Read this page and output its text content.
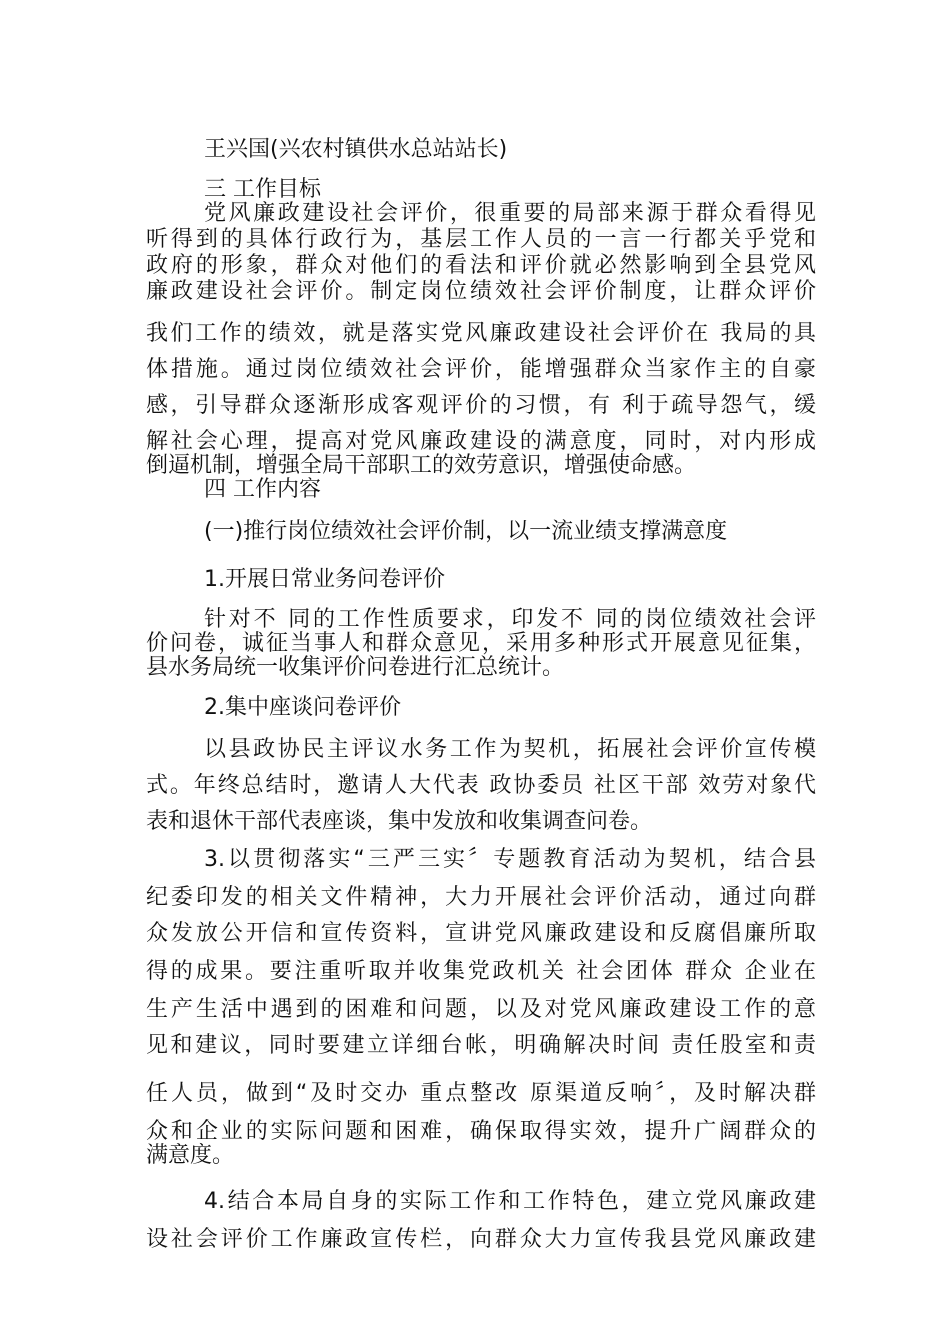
王兴国(兴农村镇供水总站站长)
三 工作目标
党风廉政建设社会评价，很重要的局部来源于群众看得见
听得到的具体行政行为，基层工作人员的一言一行都关乎党和
政府的形象，群众对他们的看法和评价就必然影响到全县党风
廉政建设社会评价。制定岗位绩效社会评价制度，让群众评价
我们工作的绩效，就是落实党风廉政建设社会评价在 我局的具
体措施。通过岗位绩效社会评价，能增强群众当家作主的自豪
感，引导群众逐渐形成客观评价的习惯，有 利于疏导怨气，缓
解社会心理，提高对党风廉政建设的满意度，同时，对内形成
倒逼机制，增强全局干部职工的效劳意识，增强使命感。
四 工作内容
(一)推行岗位绩效社会评价制，以一流业绩支撑满意度
1.开展日常业务问卷评价
针对不 同的工作性质要求，印发不 同的岗位绩效社会评
价问卷，诚征当事人和群众意见，采用多种形式开展意见征集，
县水务局统一收集评价问卷进行汇总统计。
2.集中座谈问卷评价
以县政协民主评议水务工作为契机，拓展社会评价宣传模
式。年终总结时，邀请人大代表 政协委员 社区干部 效劳对象代
表和退休干部代表座谈，集中发放和收集调查问卷。
3.以贯彻落实“三严三实〞专题教育活动为契机，结合县
纪委印发的相关文件精神，大力开展社会评价活动，通过向群
众发放公开信和宣传资料，宣讲党风廉政建设和反腐倡廉所取
得的成果。要注重听取并收集党政机关 社会团体 群众 企业在
生产生活中遇到的困难和问题，以及对党风廉政建设工作的意
见和建议，同时要建立详细台帐，明确解决时间 责任股室和责
任人员，做到“及时交办 重点整改 原渠道反响〞，及时解决群
众和企业的实际问题和困难，确保取得实效，提升广阔群众的
满意度。
4.结合本局自身的实际工作和工作特色，建立党风廉政建
设社会评价工作廉政宣传栏，向群众大力宣传我县党风廉政建
